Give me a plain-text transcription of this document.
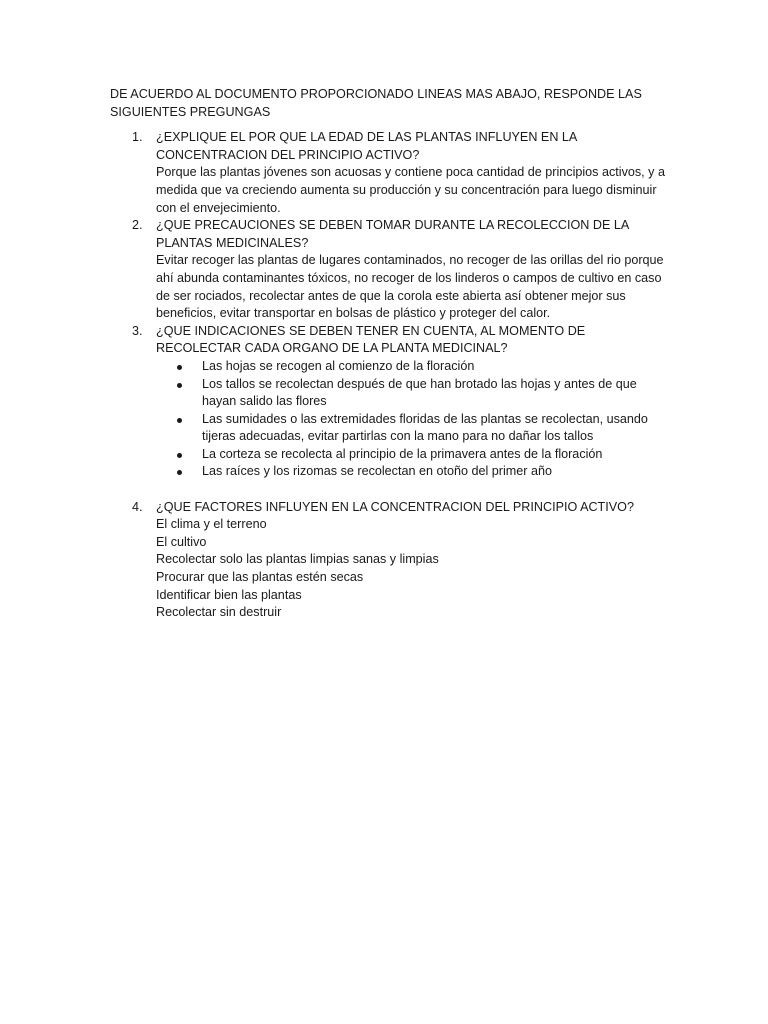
DE ACUERDO AL DOCUMENTO PROPORCIONADO LINEAS MAS ABAJO, RESPONDE LAS SIGUIENTES PREGUNGAS

1. ¿EXPLIQUE EL POR QUE LA EDAD DE LAS PLANTAS INFLUYEN EN LA CONCENTRACION DEL PRINCIPIO ACTIVO?
Porque las plantas jóvenes son acuosas y contiene poca cantidad de principios activos, y a medida que va creciendo aumenta su producción y su concentración para luego disminuir con el envejecimiento.
2. ¿QUE PRECAUCIONES SE DEBEN TOMAR DURANTE LA RECOLECCION DE LA PLANTAS MEDICINALES?
Evitar recoger las plantas de lugares contaminados, no recoger de las orillas del rio porque ahí abunda contaminantes tóxicos, no recoger de los linderos o campos de cultivo en caso de ser rociados, recolectar antes de que la corola este abierta así obtener mejor sus beneficios, evitar transportar en bolsas de plástico y proteger del calor.
3. ¿QUE INDICACIONES SE DEBEN TENER EN CUENTA, AL MOMENTO DE RECOLECTAR CADA ORGANO DE LA PLANTA MEDICINAL?
Las hojas se recogen al comienzo de la floración
Los tallos se recolectan después de que han brotado las hojas y antes de que hayan salido las flores
Las sumidades o las extremidades floridas de las plantas se recolectan, usando tijeras adecuadas, evitar partirlas con la mano para no dañar los tallos
La corteza se recolecta al principio de la primavera antes de la floración
Las raíces y los rizomas se recolectan en otoño del primer año
4. ¿QUE FACTORES INFLUYEN EN LA CONCENTRACION DEL PRINCIPIO ACTIVO?
El clima y el terreno
El cultivo
Recolectar solo las plantas limpias sanas y limpias
Procurar que las plantas estén secas
Identificar bien las plantas
Recolectar sin destruir
